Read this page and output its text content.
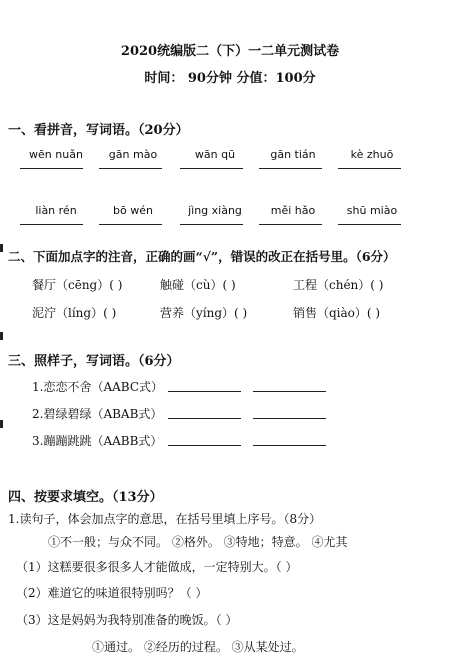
2020统编版二（下）一二单元测试卷
时间： 90分钟 分值：100分
一、看拼音，写词语。（20分）
wēn nuǎn	gān mào	wān qū	gān tián	kè zhuō
liàn rén	bō wén	jìng xiàng	měi hǎo	shū miào
二、下面加点字的注音，正确的画“√”，错误的改正在括号里。（6分）
餐厅（cēng）( )	触碰（cù）( )	工程（chén）( )
泥泞（líng）( )	营养（yíng）( )	销售（qiào）( )
三、照样子，写词语。（6分）
1.恋恋不舍（AABC式）
2.碧绿碧绿（ABAB式）
3.蹦蹦跳跳（AABB式）
四、按要求填空。（13分）
1.读句子，体会加点字的意思，在括号里填上序号。（8分）
①不一般；与众不同。 ②格外。 ③特地；特意。 ④尤其
（1）这糕要很多很多人才能做成，一定特别大。（ ）
（2）难道它的味道很特别吗？（ ）
（3）这是妈妈为我特别准备的晚饭。（ ）
①通过。 ②经历的过程。 ③从某处过。
